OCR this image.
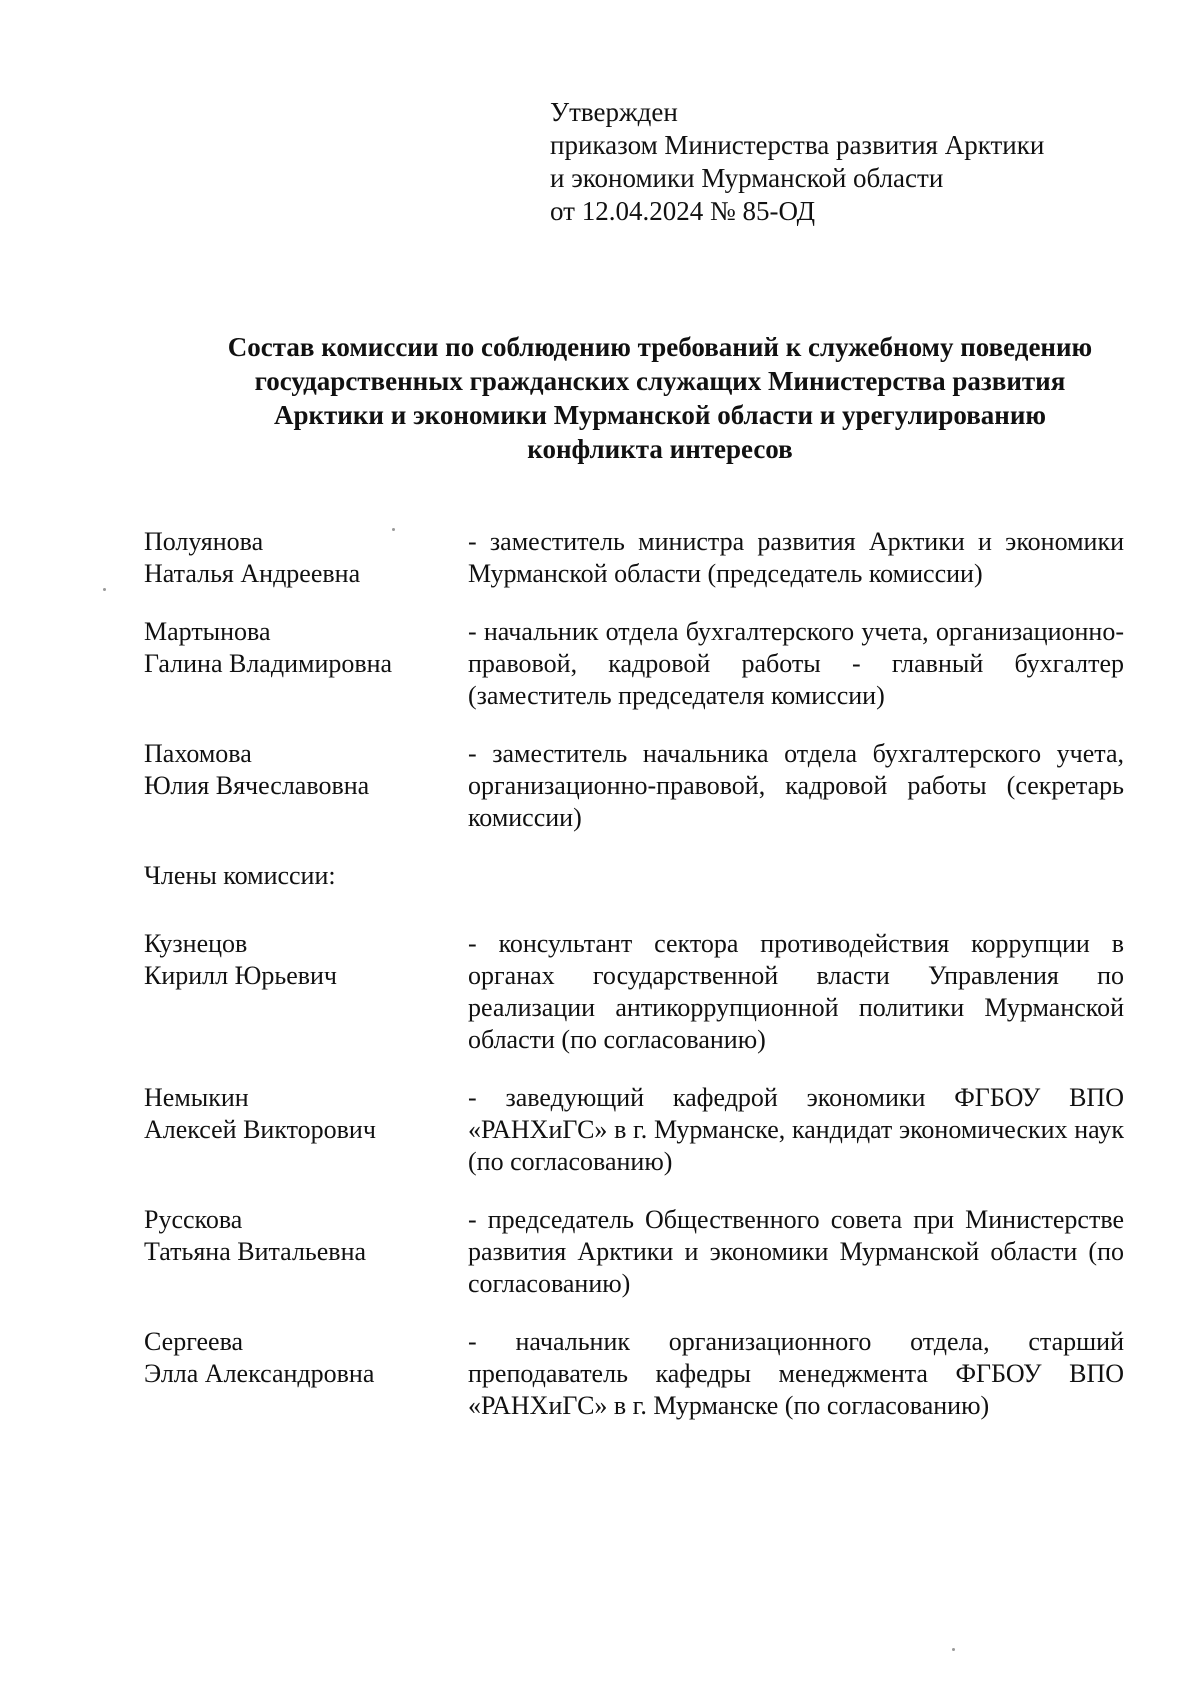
Утвержден
приказом Министерства развития Арктики
и экономики Мурманской области
от 12.04.2024 № 85-ОД
Состав комиссии по соблюдению требований к служебному поведению
государственных гражданских служащих Министерства развития
Арктики и экономики Мурманской области и урегулированию
конфликта интересов
Полуянова
Наталья Андреевна
- заместитель министра развития Арктики и экономики Мурманской области (председатель комиссии)
Мартынова
Галина Владимировна
- начальник отдела бухгалтерского учета, организационно-правовой, кадровой работы - главный бухгалтер (заместитель председателя комиссии)
Пахомова
Юлия Вячеславовна
- заместитель начальника отдела бухгалтерского учета, организационно-правовой, кадровой работы (секретарь комиссии)
Члены комиссии:
Кузнецов
Кирилл Юрьевич
- консультант сектора противодействия коррупции в органах государственной власти Управления по реализации антикоррупционной политики Мурманской области (по согласованию)
Немыкин
Алексей Викторович
- заведующий кафедрой экономики ФГБОУ ВПО «РАНХиГС» в г. Мурманске, кандидат экономических наук (по согласованию)
Русскова
Татьяна Витальевна
- председатель Общественного совета при Министерстве развития Арктики и экономики Мурманской области (по согласованию)
Сергеева
Элла Александровна
- начальник организационного отдела, старший преподаватель кафедры менеджмента ФГБОУ ВПО «РАНХиГС» в г. Мурманске (по согласованию)
